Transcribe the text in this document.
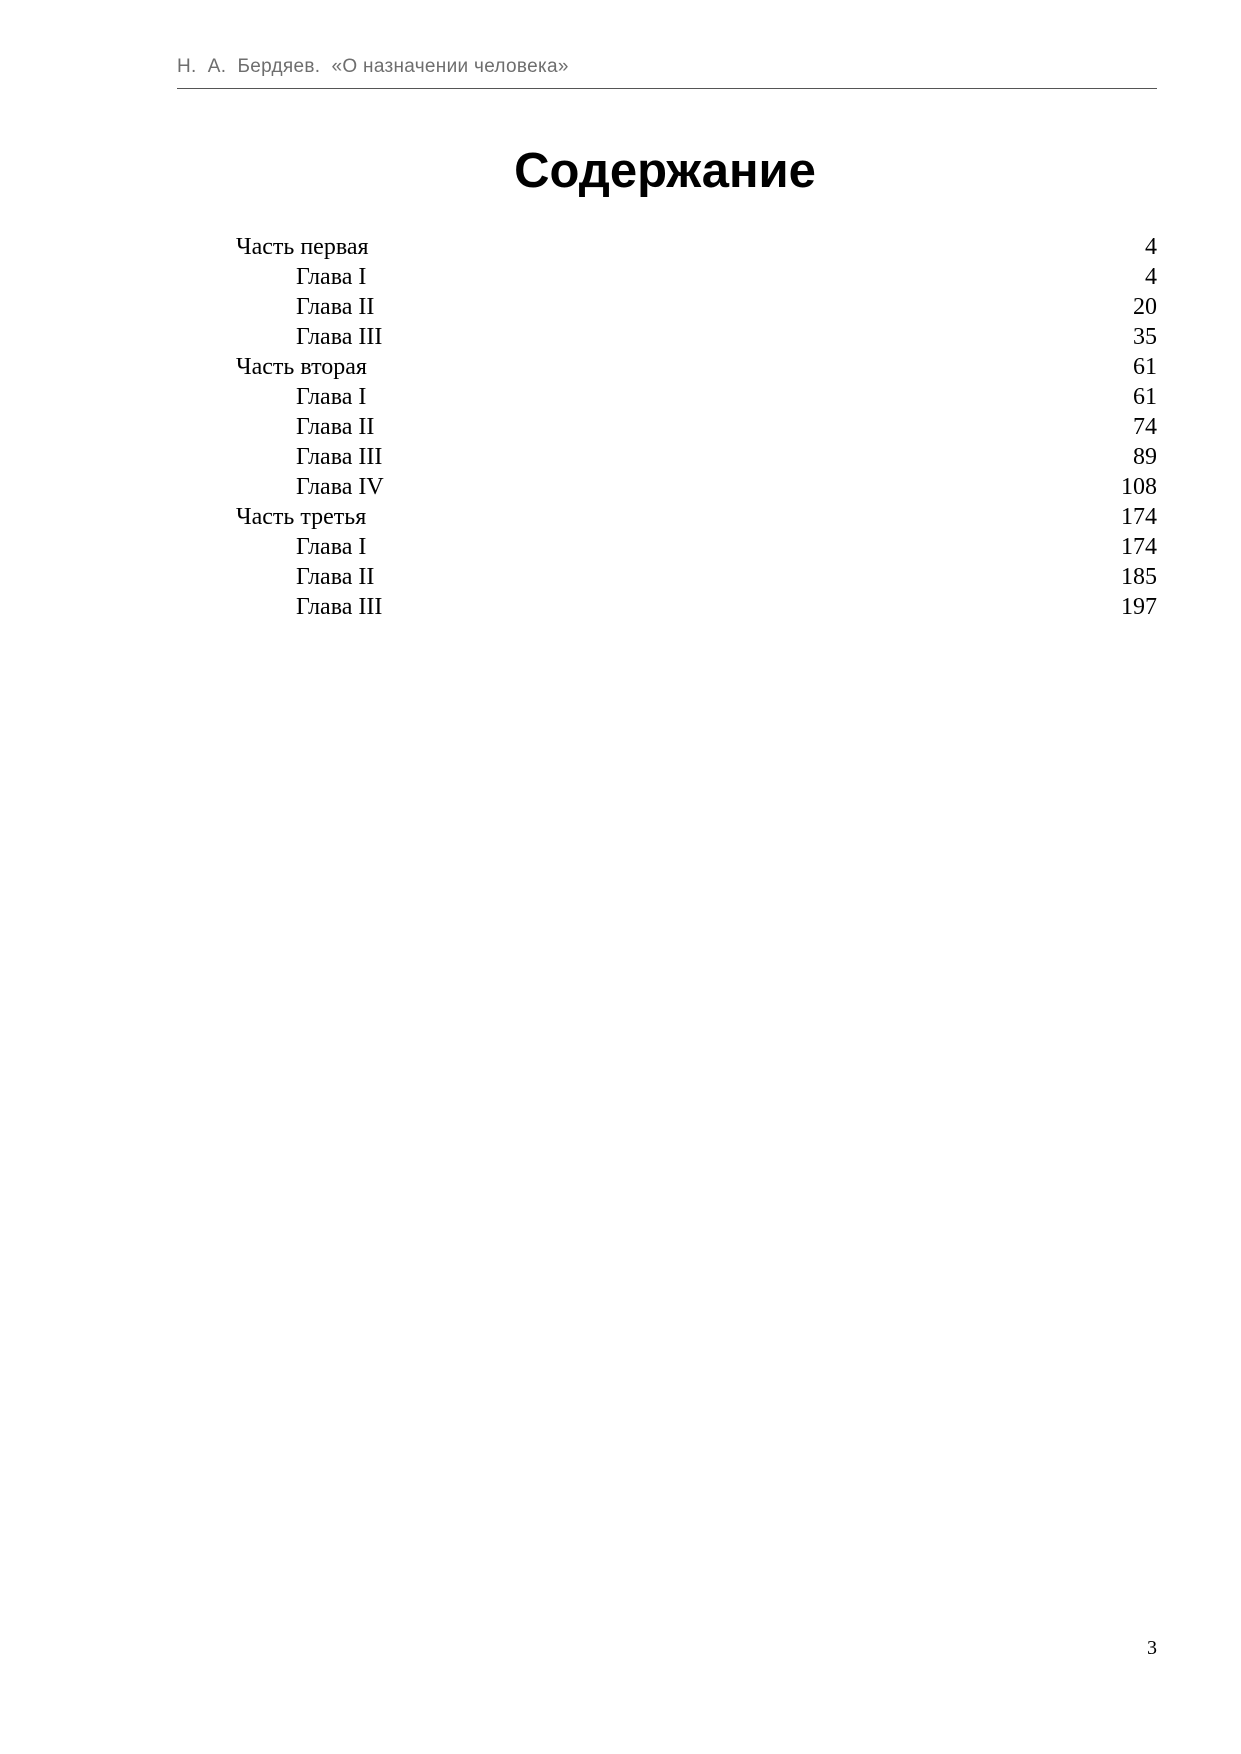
Н.  А.  Бердяев.  «О назначении человека»
Содержание
Часть первая	4
Глава I	4
Глава II	20
Глава III	35
Часть вторая	61
Глава I	61
Глава II	74
Глава III	89
Глава IV	108
Часть третья	174
Глава I	174
Глава II	185
Глава III	197
3
